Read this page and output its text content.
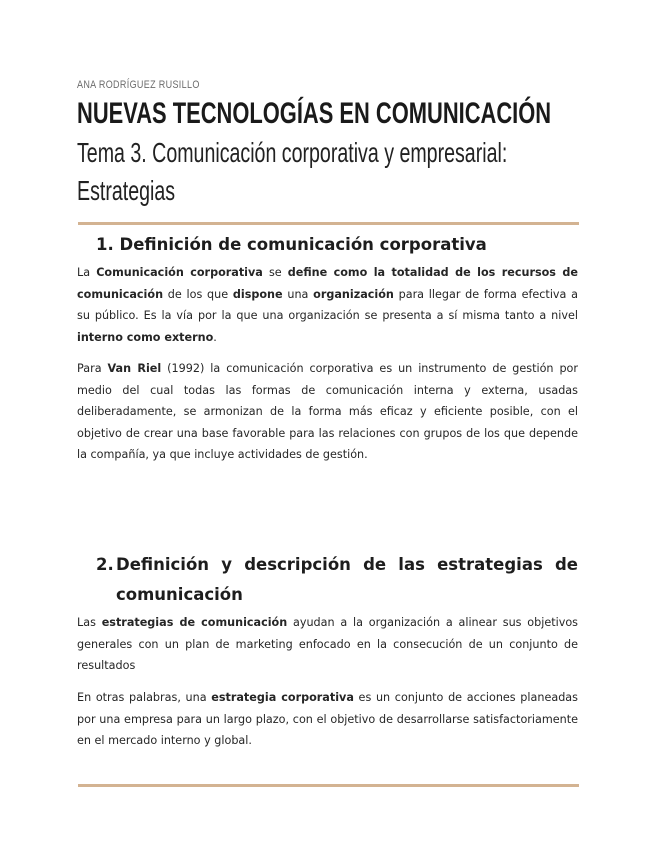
ANA RODRÍGUEZ RUSILLO
NUEVAS TECNOLOGÍAS EN COMUNICACIÓN
Tema 3. Comunicación corporativa y empresarial: Estrategias
1. Definición de comunicación corporativa
La Comunicación corporativa se define como la totalidad de los recursos de comunicación de los que dispone una organización para llegar de forma efectiva a su público. Es la vía por la que una organización se presenta a sí misma tanto a nivel interno como externo.
Para Van Riel (1992) la comunicación corporativa es un instrumento de gestión por medio del cual todas las formas de comunicación interna y externa, usadas deliberadamente, se armonizan de la forma más eficaz y eficiente posible, con el objetivo de crear una base favorable para las relaciones con grupos de los que depende la compañía, ya que incluye actividades de gestión.
2. Definición y descripción de las estrategias de comunicación
Las estrategias de comunicación ayudan a la organización a alinear sus objetivos generales con un plan de marketing enfocado en la consecución de un conjunto de resultados
En otras palabras, una estrategia corporativa es un conjunto de acciones planeadas por una empresa para un largo plazo, con el objetivo de desarrollarse satisfactoriamente en el mercado interno y global.
